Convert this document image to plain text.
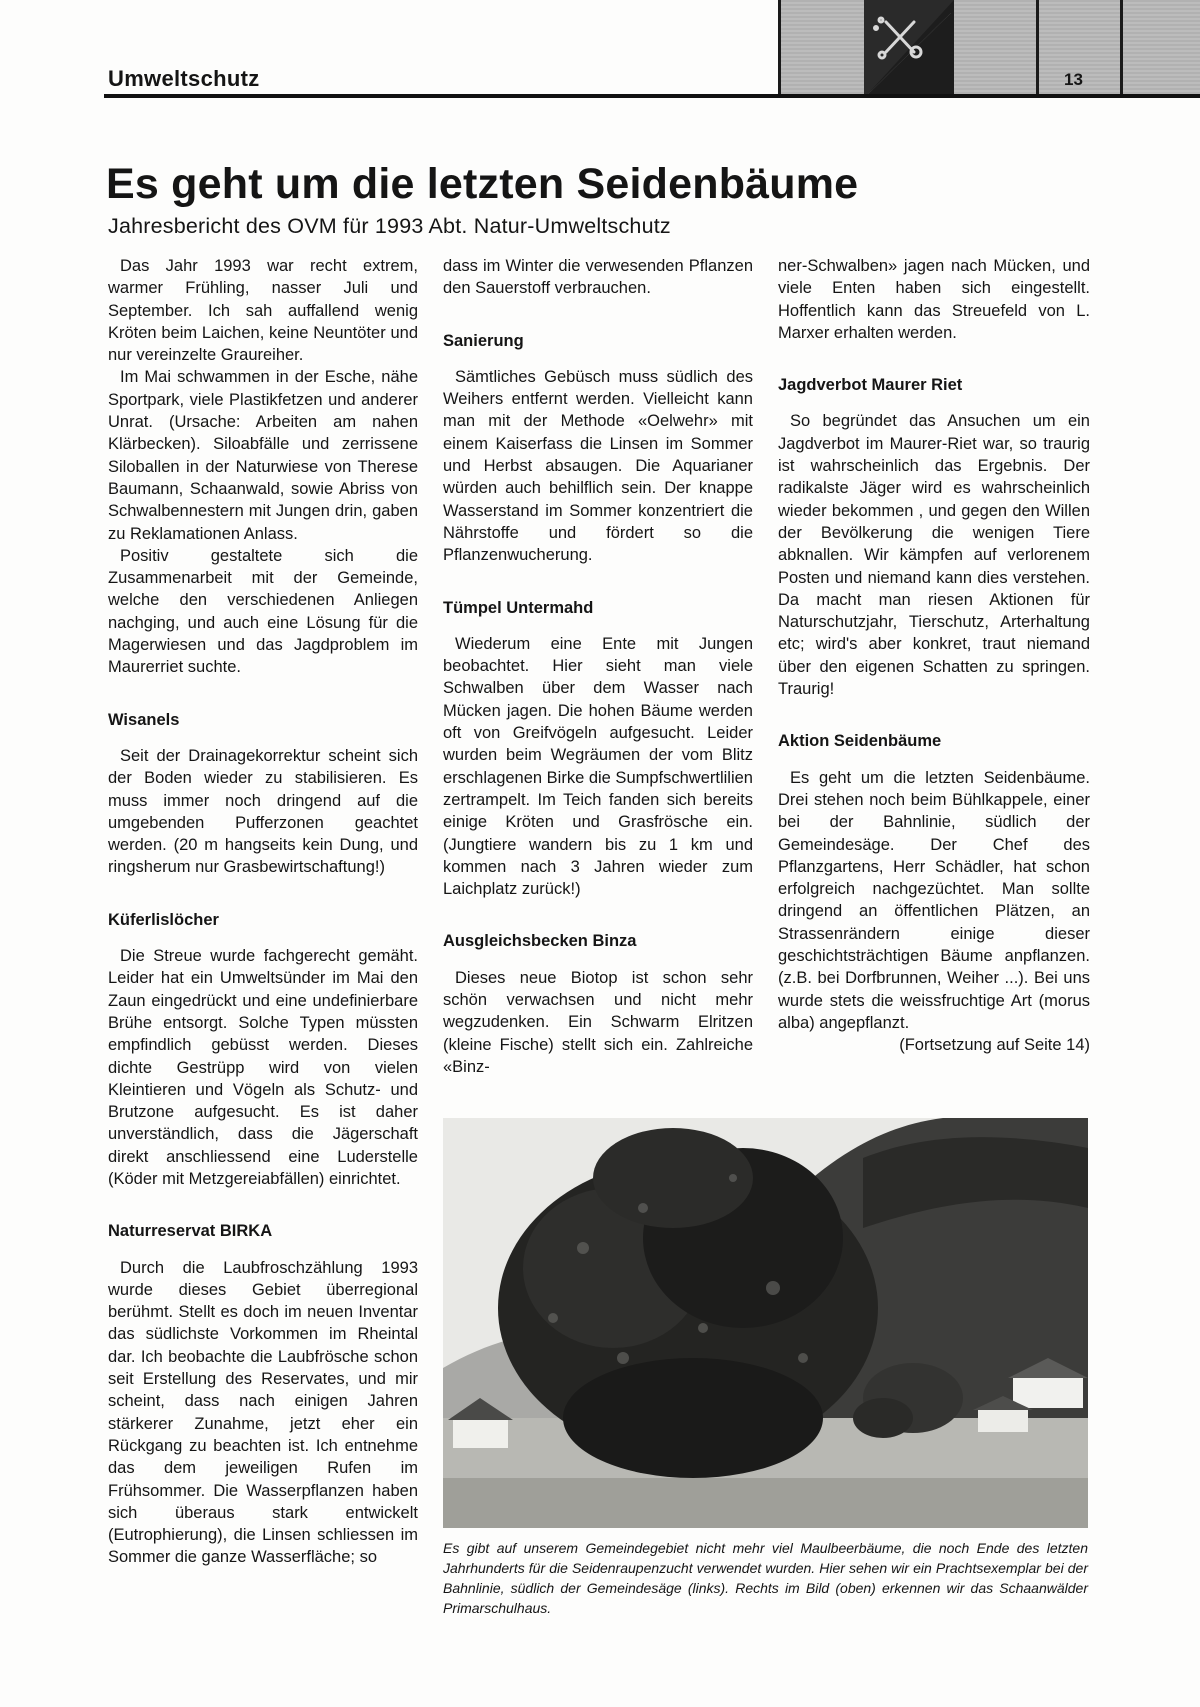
Umweltschutz	13
Es geht um die letzten Seidenbäume
Jahresbericht des OVM für 1993 Abt. Natur-Umweltschutz

Das Jahr 1993 war recht extrem, warmer Frühling, nasser Juli und September. Ich sah auffallend wenig Kröten beim Laichen, keine Neuntöter und nur vereinzelte Graureiher.

Im Mai schwammen in der Esche, nähe Sportpark, viele Plastikfetzen und anderer Unrat. (Ursache: Arbeiten am nahen Klärbecken). Siloabfälle und zerrissene Siloballen in der Naturwiese von Therese Baumann, Schaanwald, sowie Abriss von Schwalbennestern mit Jungen drin, gaben zu Reklamationen Anlass.

Positiv gestaltete sich die Zusammenarbeit mit der Gemeinde, welche den verschiedenen Anliegen nachging, und auch eine Lösung für die Magerwiesen und das Jagdproblem im Maurerriet suchte.

Wisanels

Seit der Drainagekorrektur scheint sich der Boden wieder zu stabilisieren. Es muss immer noch dringend auf die umgebenden Pufferzonen geachtet werden. (20 m hangseits kein Dung, und ringsherum nur Grasbewirtschaftung!)

Küferlislöcher

Die Streue wurde fachgerecht gemäht. Leider hat ein Umweltsünder im Mai den Zaun eingedrückt und eine undefinierbare Brühe entsorgt. Solche Typen müssten empfindlich gebüsst werden. Dieses dichte Gestrüpp wird von vielen Kleintieren und Vögeln als Schutz- und Brutzone aufgesucht. Es ist daher unverständlich, dass die Jägerschaft direkt anschliessend eine Luderstelle (Köder mit Metzgereiabfällen) einrichtet.

Naturreservat BIRKA

Durch die Laubfroschzählung 1993 wurde dieses Gebiet überregional berühmt. Stellt es doch im neuen Inventar das südlichste Vorkommen im Rheintal dar. Ich beobachte die Laubfrösche schon seit Erstellung des Reservates, und mir scheint, dass nach einigen Jahren stärkerer Zunahme, jetzt eher ein Rückgang zu beachten ist. Ich entnehme das dem jeweiligen Rufen im Frühsommer. Die Wasserpflanzen haben sich überaus stark entwickelt (Eutrophierung), die Linsen schliessen im Sommer die ganze Wasserfläche; so

dass im Winter die verwesenden Pflanzen den Sauerstoff verbrauchen.

Sanierung

Sämtliches Gebüsch muss südlich des Weihers entfernt werden. Vielleicht kann man mit der Methode «Oelwehr» mit einem Kaiserfass die Linsen im Sommer und Herbst absaugen. Die Aquarianer würden auch behilflich sein. Der knappe Wasserstand im Sommer konzentriert die Nährstoffe und fördert so die Pflanzenwucherung.

Tümpel Untermahd

Wiederum eine Ente mit Jungen beobachtet. Hier sieht man viele Schwalben über dem Wasser nach Mücken jagen. Die hohen Bäume werden oft von Greifvögeln aufgesucht. Leider wurden beim Wegräumen der vom Blitz erschlagenen Birke die Sumpfschwertlilien zertrampelt. Im Teich fanden sich bereits einige Kröten und Grasfrösche ein. (Jungtiere wandern bis zu 1 km und kommen nach 3 Jahren wieder zum Laichplatz zurück!)

Ausgleichsbecken Binza

Dieses neue Biotop ist schon sehr schön verwachsen und nicht mehr wegzudenken. Ein Schwarm Elritzen (kleine Fische) stellt sich ein. Zahlreiche «Binz-

ner-Schwalben» jagen nach Mücken, und viele Enten haben sich eingestellt. Hoffentlich kann das Streuefeld von L. Marxer erhalten werden.

Jagdverbot Maurer Riet

So begründet das Ansuchen um ein Jagdverbot im Maurer-Riet war, so traurig ist wahrscheinlich das Ergebnis. Der radikalste Jäger wird es wahrscheinlich wieder bekommen , und gegen den Willen der Bevölkerung die wenigen Tiere abknallen. Wir kämpfen auf verlorenem Posten und niemand kann dies verstehen. Da macht man riesen Aktionen für Naturschutzjahr, Tierschutz, Arterhaltung etc; wird's aber konkret, traut niemand über den eigenen Schatten zu springen. Traurig!

Aktion Seidenbäume

Es geht um die letzten Seidenbäume. Drei stehen noch beim Bühlkappele, einer bei der Bahnlinie, südlich der Gemeindesäge. Der Chef des Pflanzgartens, Herr Schädler, hat schon erfolgreich nachgezüchtet. Man sollte dringend an öffentlichen Plätzen, an Strassenrändern einige dieser geschichtsträchtigen Bäume anpflanzen. (z.B. bei Dorfbrunnen, Weiher ...). Bei uns wurde stets die weissfruchtige Art (morus alba) angepflanzt.

(Fortsetzung auf Seite 14)

Es gibt auf unserem Gemeindegebiet nicht mehr viel Maulbeerbäume, die noch Ende des letzten Jahrhunderts für die Seidenraupenzucht verwendet wurden. Hier sehen wir ein Prachtsexemplar bei der Bahnlinie, südlich der Gemeindesäge (links). Rechts im Bild (oben) erkennen wir das Schaanwälder Primarschulhaus.
